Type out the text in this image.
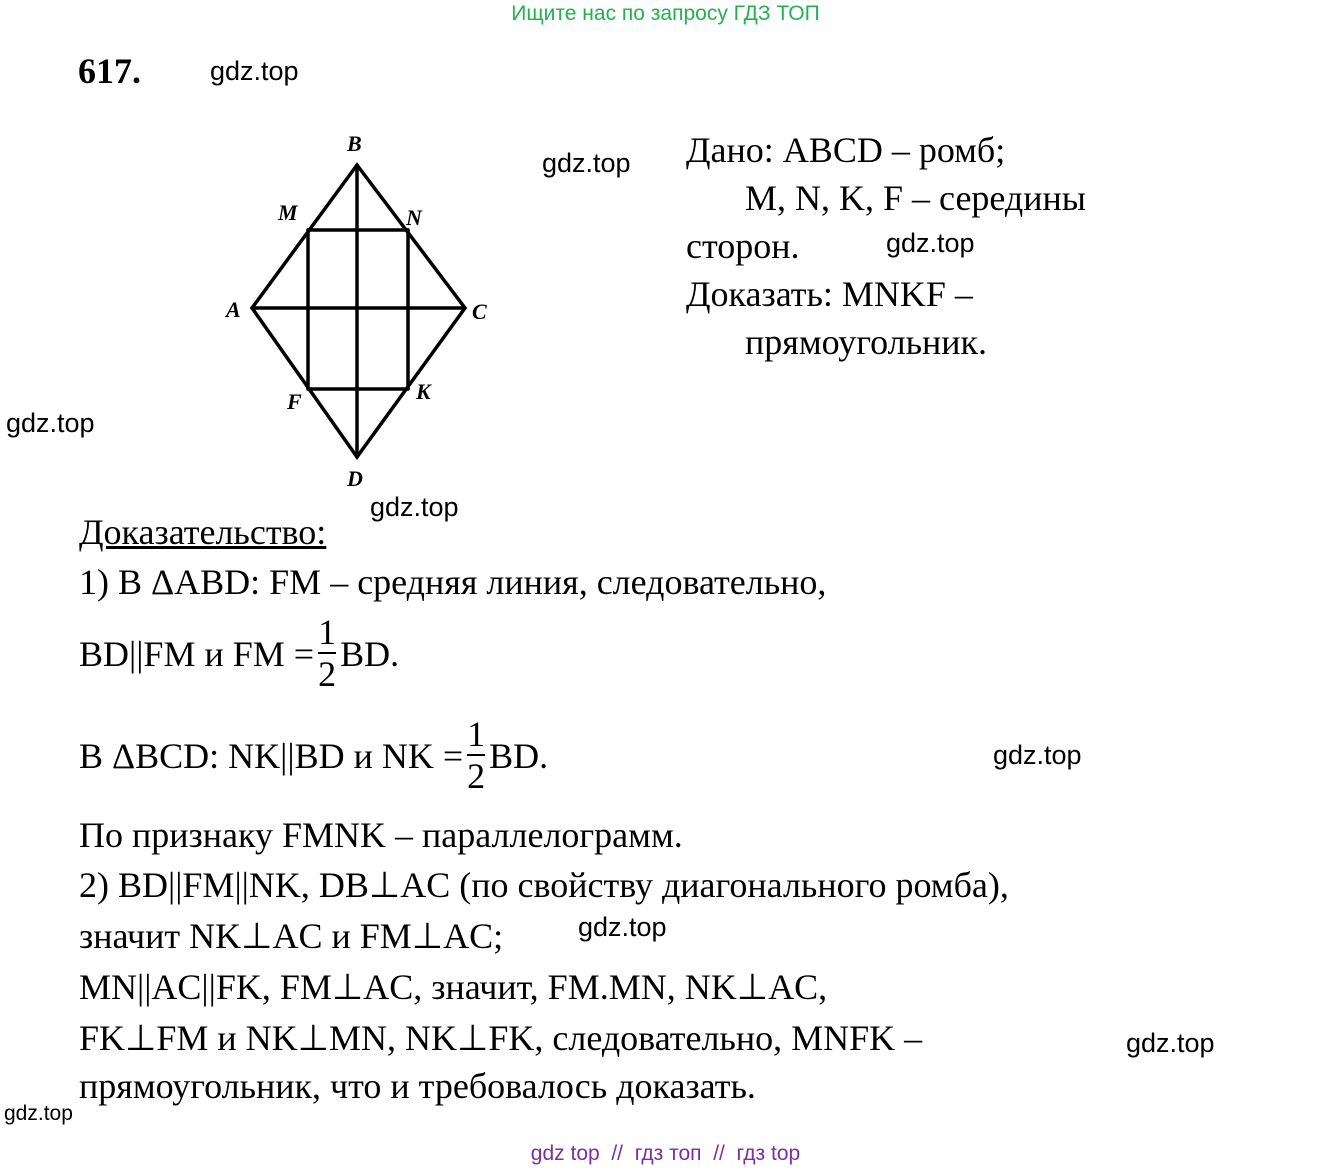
Ищите нас по запросу ГДЗ ТОП
617.	gdz.top
gdz.top
gdz.top
gdz.top
gdz.top
gdz.top
gdz.top
gdz.top
gdz.top
B
M	N
A	C
F	K
D
Дано: ABCD – ромб;
M, N, K, F – середины
сторон.
Доказать: MNKF –
прямоугольник.
Доказательство:
1) В ΔABD: FM – средняя линия, следовательно,
BD||FM и FM = $\frac{1}{2}$ BD.
В ΔBCD: NK||BD и NK = $\frac{1}{2}$ BD.
По признаку FMNK – параллелограмм.
2) BD||FM||NK, DB⊥AC (по свойству диагонального ромба),
значит NK⊥AC и FM⊥AC;
MN||AC||FK, FM⊥AC, значит, FM.MN, NK⊥AC,
FK⊥FM и NK⊥MN, NK⊥FK, следовательно, MNFK –
прямоугольник, что и требовалось доказать.
gdz top  //  гдз топ  //  гдз top
